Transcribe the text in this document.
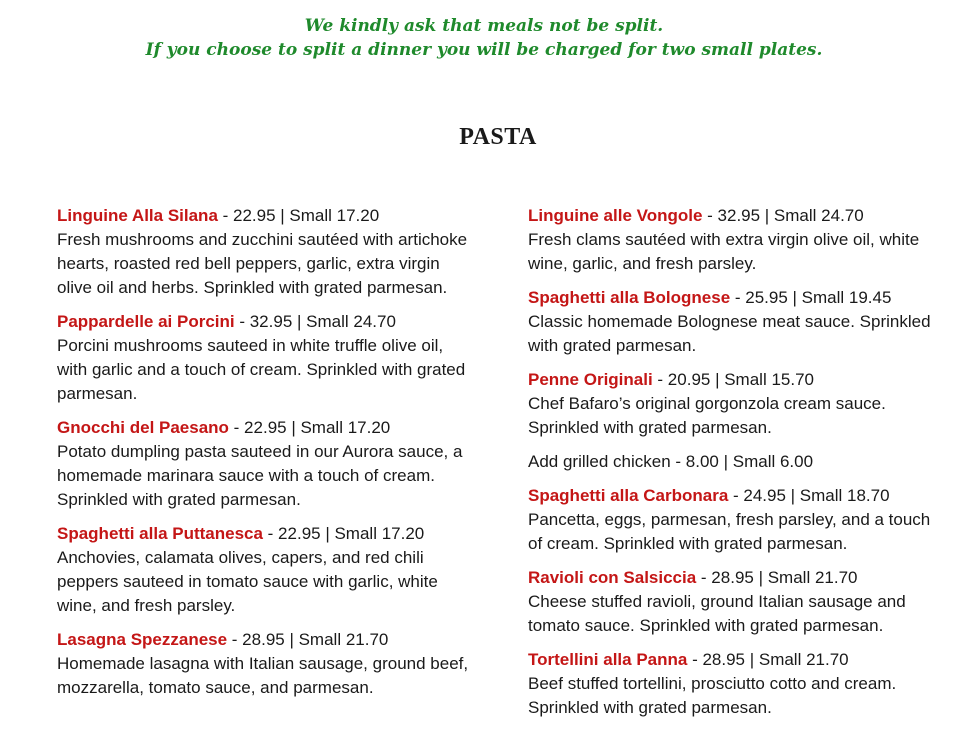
We kindly ask that meals not be split.
If you choose to split a dinner you will be charged for two small plates.
PASTA
Linguine Alla Silana - 22.95 | Small 17.20
Fresh mushrooms and zucchini sautéed with artichoke hearts, roasted red bell peppers, garlic, extra virgin olive oil and herbs. Sprinkled with grated parmesan.
Pappardelle ai Porcini - 32.95 | Small 24.70
Porcini mushrooms sauteed in white truffle olive oil, with garlic and a touch of cream. Sprinkled with grated parmesan.
Gnocchi del Paesano - 22.95 | Small 17.20
Potato dumpling pasta sauteed in our Aurora sauce, a homemade marinara sauce with a touch of cream. Sprinkled with grated parmesan.
Spaghetti alla Puttanesca - 22.95 | Small 17.20
Anchovies, calamata olives, capers, and red chili peppers sauteed in tomato sauce with garlic, white wine, and fresh parsley.
Lasagna Spezzanese - 28.95 | Small 21.70
Homemade lasagna with Italian sausage, ground beef, mozzarella, tomato sauce, and parmesan.
Linguine alle Vongole - 32.95 | Small 24.70
Fresh clams sautéed with extra virgin olive oil, white wine, garlic, and fresh parsley.
Spaghetti alla Bolognese - 25.95 | Small 19.45
Classic homemade Bolognese meat sauce. Sprinkled with grated parmesan.
Penne Originali - 20.95 | Small 15.70
Chef Bafaro’s original gorgonzola cream sauce. Sprinkled with grated parmesan.
Add grilled chicken - 8.00 | Small 6.00
Spaghetti alla Carbonara - 24.95 | Small 18.70
Pancetta, eggs, parmesan, fresh parsley, and a touch of cream. Sprinkled with grated parmesan.
Ravioli con Salsiccia - 28.95 | Small 21.70
Cheese stuffed ravioli, ground Italian sausage and tomato sauce. Sprinkled with grated parmesan.
Tortellini alla Panna - 28.95 | Small 21.70
Beef stuffed tortellini, prosciutto cotto and cream. Sprinkled with grated parmesan.
